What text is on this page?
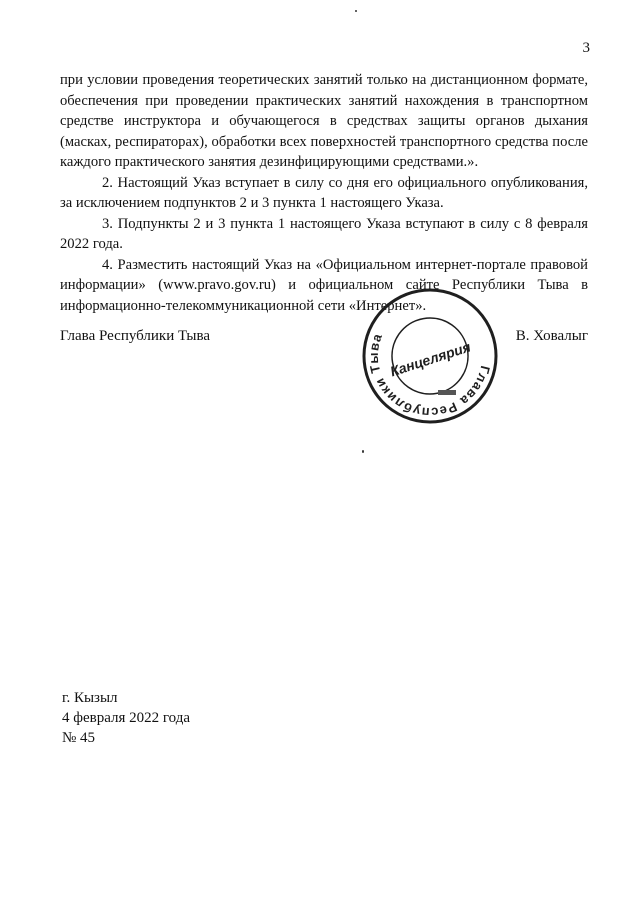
3

при условии проведения теоретических занятий только на дистанционном формате, обеспечения при проведении практических занятий нахождения в транспортном средстве инструктора и обучающегося в средствах защиты органов дыхания (масках, респираторах), обработки всех поверхностей транспортного средства после каждого практического занятия дезинфицирующими средствами.».

2. Настоящий Указ вступает в силу со дня его официального опубликования, за исключением подпунктов 2 и 3 пункта 1 настоящего Указа.

3. Подпункты 2 и 3 пункта 1 настоящего Указа вступают в силу с 8 февраля 2022 года.

4. Разместить настоящий Указ на «Официальном интернет-портале правовой информации» (www.pravo.gov.ru) и официальном сайте Республики Тыва в информационно-телекоммуникационной сети «Интернет».

Глава Республики Тыва	В. Ховалыг
Глава Республики Тыва
Канцелярия
г. Кызыл
4 февраля 2022 года
№ 45
